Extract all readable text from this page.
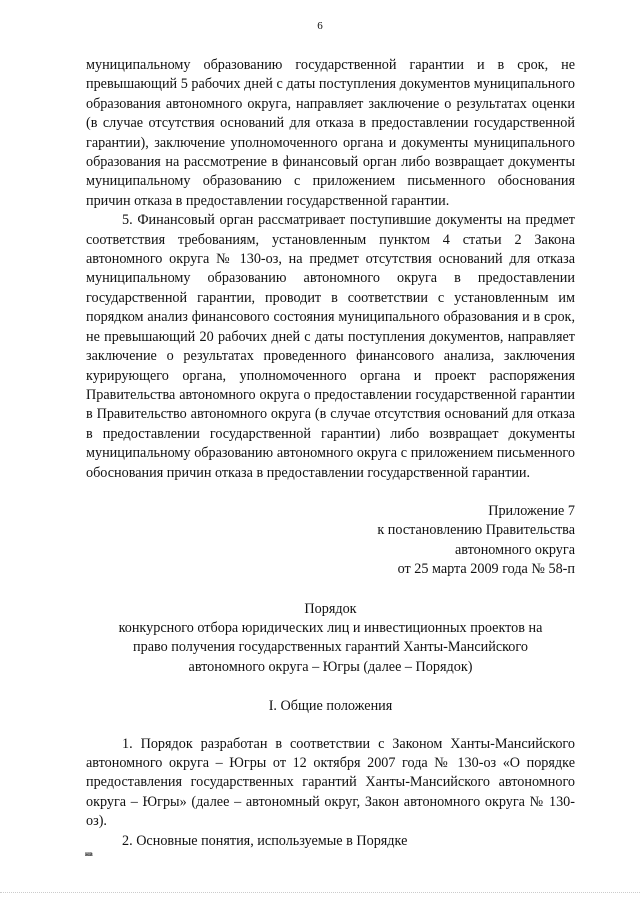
6

муниципальному образованию государственной гарантии и в срок, не превышающий 5 рабочих дней с даты поступления документов муниципального образования автономного округа, направляет заключение о результатах оценки (в случае отсутствия оснований для отказа в предоставлении государственной гарантии), заключение уполномоченного органа и документы муниципального образования на рассмотрение в финансовый орган либо возвращает документы муниципальному образованию с приложением письменного обоснования причин отказа в предоставлении государственной гарантии.

5. Финансовый орган рассматривает поступившие документы на предмет соответствия требованиям, установленным пунктом 4 статьи 2 Закона автономного округа № 130-оз, на предмет отсутствия оснований для отказа муниципальному образованию автономного округа в предоставлении государственной гарантии, проводит в соответствии с установленным им порядком анализ финансового состояния муниципального образования и в срок, не превышающий 20 рабочих дней с даты поступления документов, направляет заключение о результатах проведенного финансового анализа, заключения курирующего органа, уполномоченного органа и проект распоряжения Правительства автономного округа о предоставлении государственной гарантии в Правительство автономного округа (в случае отсутствия оснований для отказа в предоставлении государственной гарантии) либо возвращает документы муниципальному образованию автономного округа с приложением письменного обоснования причин отказа в предоставлении государственной гарантии.

Приложение 7
к постановлению Правительства
автономного округа
от 25 марта 2009 года № 58-п
Порядок
конкурсного отбора юридических лиц и инвестиционных проектов на
право получения государственных гарантий Ханты-Мансийского
автономного округа – Югры (далее – Порядок)
I. Общие положения

1. Порядок разработан в соответствии с Законом Ханты-Мансийского автономного округа – Югры от 12 октября 2007 года № 130-оз «О порядке предоставления государственных гарантий Ханты-Мансийского автономного округа – Югры» (далее – автономный округ, Закон автономного округа № 130-оз).

2. Основные понятия, используемые в Порядке

нв
